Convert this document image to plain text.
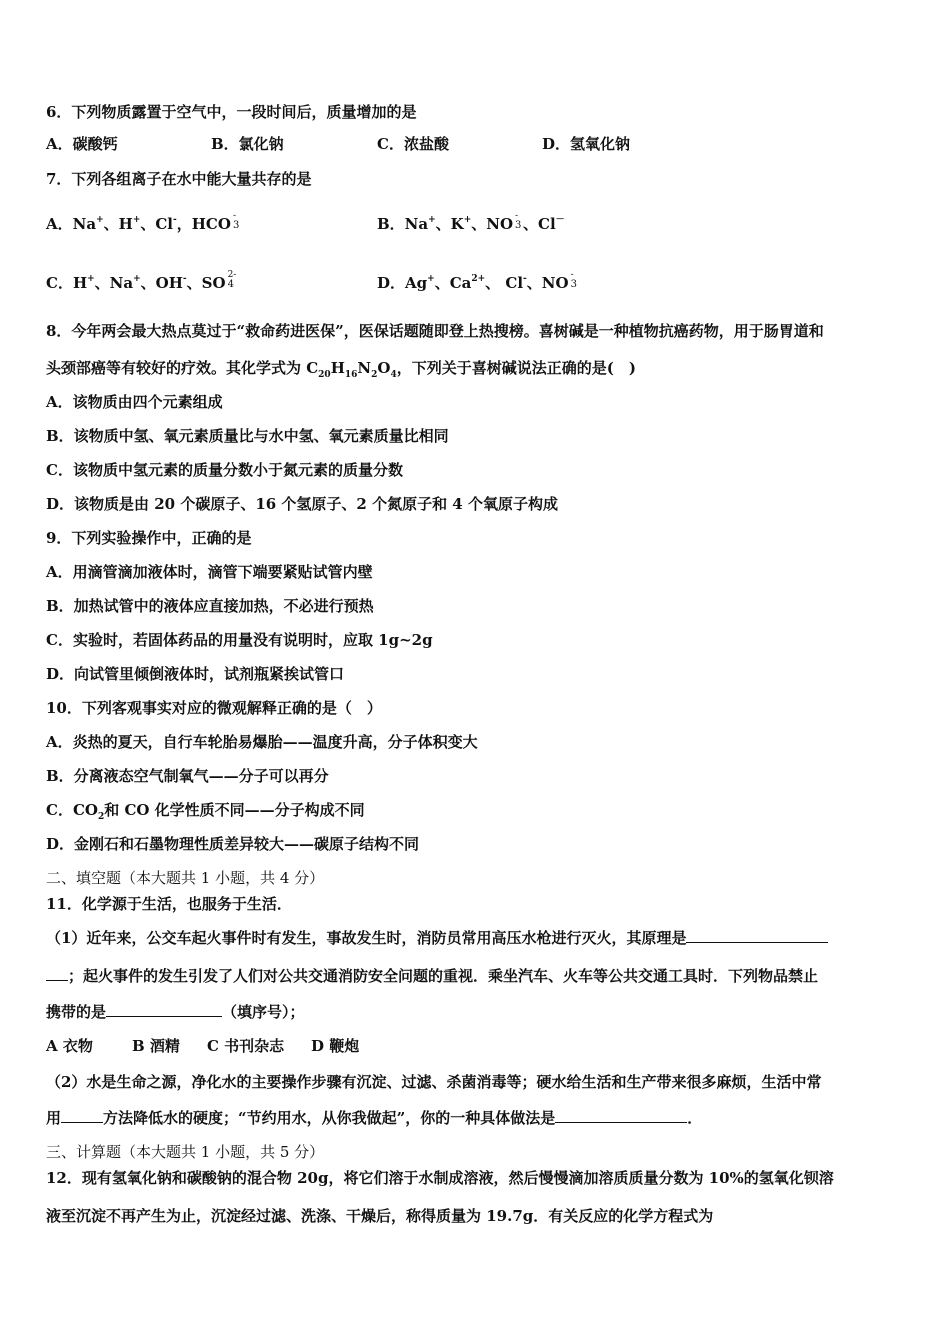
6．下列物质露置于空气中，一段时间后，质量增加的是
A．碳酸钙	B．氯化钠	C．浓盐酸	D．氢氧化钠
7．下列各组离子在水中能大量共存的是
A．Na+、H+、Cl-，HCO -
3	B．Na+、K+、NO -
3 、Cl－
C．H+、Na+、OH-、SO 2-
4	D．Ag+、$Ca^{2+}$、 Cl-、NO -
3
8．今年两会最大热点莫过于“救命药进医保”，医保话题随即登上热搜榜。喜树碱是一种植物抗癌药物，用于肠胃道和
头颈部癌等有较好的疗效。其化学式为 $C_{20}H_{16}N_2O_4$，下列关于喜树碱说法正确的是(　)
A．该物质由四个元素组成
B．该物质中氢、氧元素质量比与水中氢、氧元素质量比相同
C．该物质中氢元素的质量分数小于氮元素的质量分数
D．该物质是由 20 个碳原子、16 个氢原子、2 个氮原子和 4 个氧原子构成
9．下列实验操作中，正确的是
A．用滴管滴加液体时，滴管下端要紧贴试管内壁
B．加热试管中的液体应直接加热，不必进行预热
C．实验时，若固体药品的用量没有说明时，应取 1g~2g
D．向试管里倾倒液体时，试剂瓶紧挨试管口
10．下列客观事实对应的微观解释正确的是（　）
A．炎热的夏天，自行车轮胎易爆胎——温度升高，分子体积变大
B．分离液态空气制氧气——分子可以再分
C．$CO_2$和 CO 化学性质不同——分子构成不同
D．金刚石和石墨物理性质差异较大——碳原子结构不同
二、填空题（本大题共 1 小题，共 4 分）
11．化学源于生活，也服务于生活．
（1）近年来，公交车起火事件时有发生，事故发生时，消防员常用高压水枪进行灭火，其原理是
；起火事件的发生引发了人们对公共交通消防安全问题的重视．乘坐汽车、火车等公共交通工具时．下列物品禁止
携带的是	（填序号）；
A 衣物	B 酒精 C 书刊杂志 D 鞭炮
（2）水是生命之源，净化水的主要操作步骤有沉淀、过滤、杀菌消毒等；硬水给生活和生产带来很多麻烦，生活中常
用	方法降低水的硬度；“节约用水，从你我做起”，你的一种具体做法是	．
三、计算题（本大题共 1 小题，共 5 分）
12．现有氢氧化钠和碳酸钠的混合物 20g，将它们溶于水制成溶液，然后慢慢滴加溶质质量分数为 10%的氢氧化钡溶
液至沉淀不再产生为止，沉淀经过滤、洗涤、干燥后，称得质量为 19.7g．有关反应的化学方程式为
